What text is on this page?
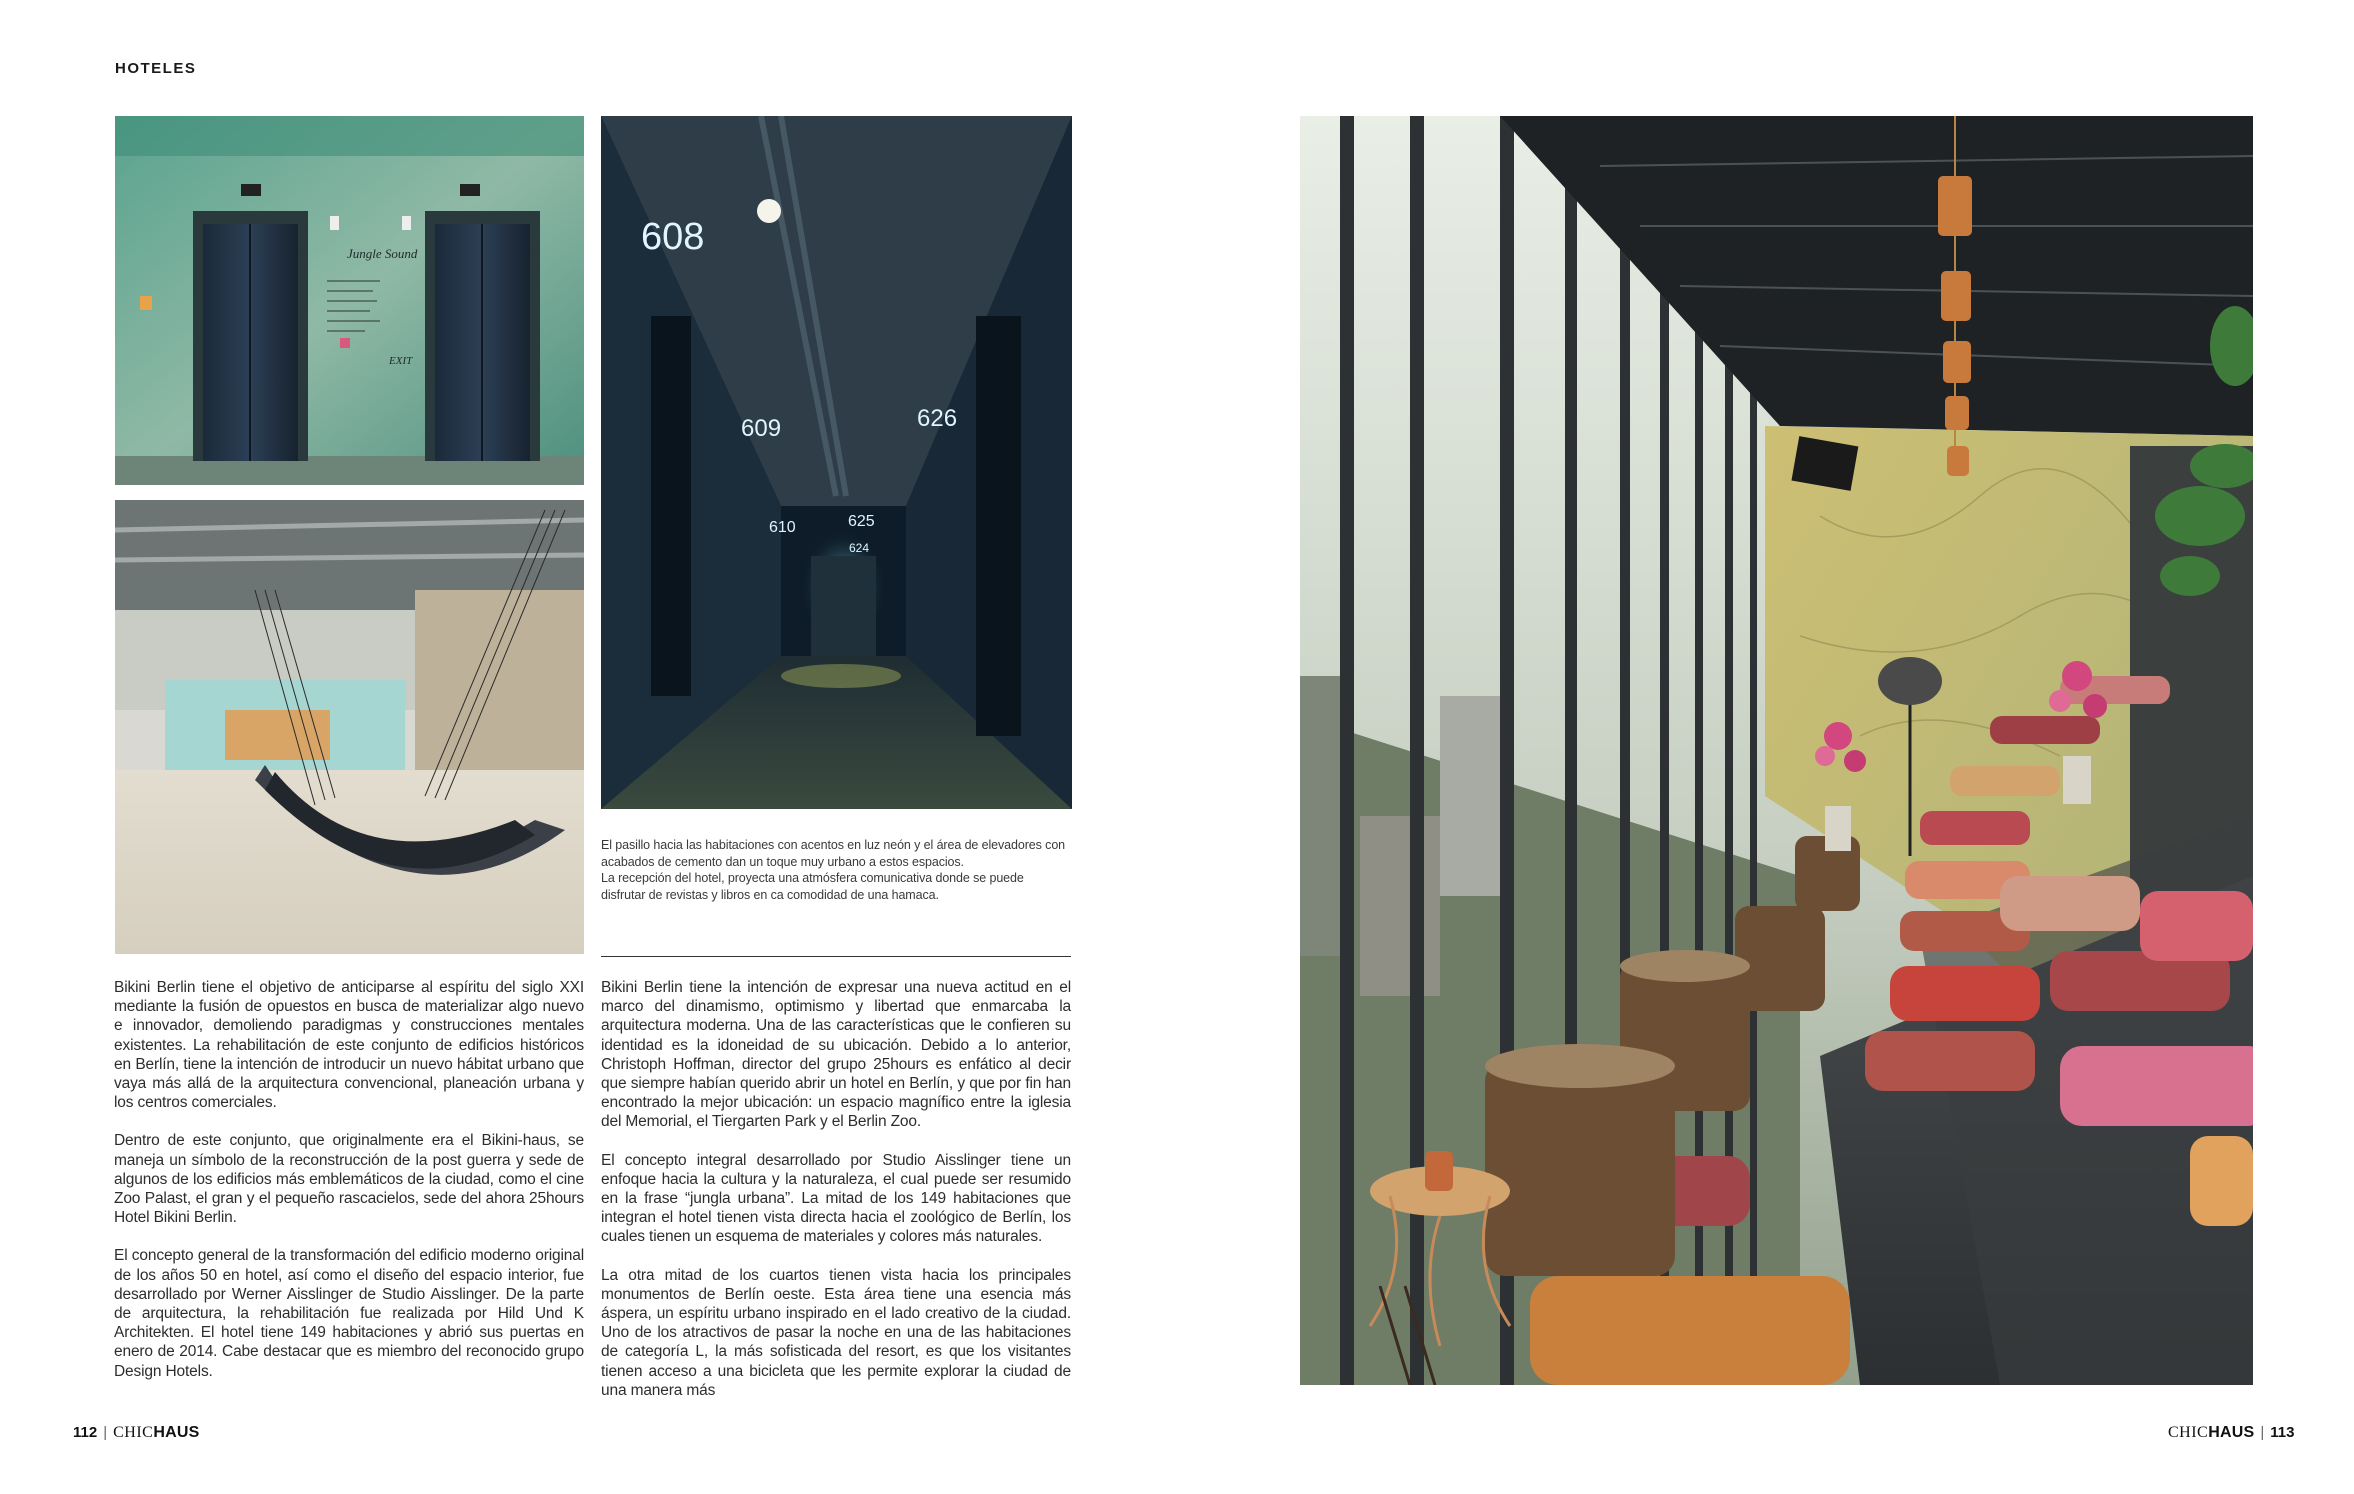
HOTELES
Jungle Sound
EXIT
608
609	626
610	625
624

El pasillo hacia las habitaciones con acentos en luz neón y el área de elevadores con acabados de cemento dan un toque muy urbano a estos espacios.

La recepción del hotel, proyecta una atmósfera comunicativa donde se puede disfrutar de revistas y libros en ca comodidad de una hamaca.

Bikini Berlin tiene el objetivo de anticiparse al espíritu del siglo XXI mediante la fusión de opuestos en busca de materializar algo nuevo e innovador, demoliendo paradigmas y construcciones mentales existentes. La rehabilitación de este conjunto de edificios históricos en Berlín, tiene la intención de introducir un nuevo hábitat urbano que vaya más allá de la arquitectura convencional, planeación urbana y los centros comerciales.

Dentro de este conjunto, que originalmente era el Bikini-haus, se maneja un símbolo de la reconstrucción de la post guerra y sede de algunos de los edificios más emblemáticos de la ciudad, como el cine Zoo Palast, el gran y el pequeño rascacielos, sede del ahora 25hours Hotel Bikini Berlin.

El concepto general de la transformación del edificio moderno original de los años 50 en hotel, así como el diseño del espacio interior, fue desarrollado por Werner Aisslinger de Studio Aisslinger. De la parte de arquitectura, la rehabilitación fue realizada por Hild Und K Architekten. El hotel tiene 149 habitaciones y abrió sus puertas en enero de 2014. Cabe destacar que es miembro del reconocido grupo Design Hotels.

Bikini Berlin tiene la intención de expresar una nueva actitud en el marco del dinamismo, optimismo y libertad que enmarcaba la arquitectura moderna. Una de las características que le confieren su identidad es la idoneidad de su ubicación. Debido a lo anterior, Christoph Hoffman, director del grupo 25hours es enfático al decir que siempre habían querido abrir un hotel en Berlín, y que por fin han encontrado la mejor ubicación: un espacio magnífico entre la iglesia del Memorial, el Tiergarten Park y el Berlin Zoo.

El concepto integral desarrollado por Studio Aisslinger tiene un enfoque hacia la cultura y la naturaleza, el cual puede ser resumido en la frase “jungla urbana”. La mitad de los 149 habitaciones que integran el hotel tienen vista directa hacia el zoológico de Berlín, los cuales tienen un esquema de materiales y colores más naturales.

La otra mitad de los cuartos tienen vista hacia los principales monumentos de Berlín oeste. Esta área tiene una esencia más áspera, un espíritu urbano inspirado en el lado creativo de la ciudad. Uno de los atractivos de pasar la noche en una de las habitaciones de categoría L, la más sofisticada del resort, es que los visitantes tienen acceso a una bicicleta que les permite explorar la ciudad de una manera más

112 | CHICHAUS	CHICHAUS | 113
